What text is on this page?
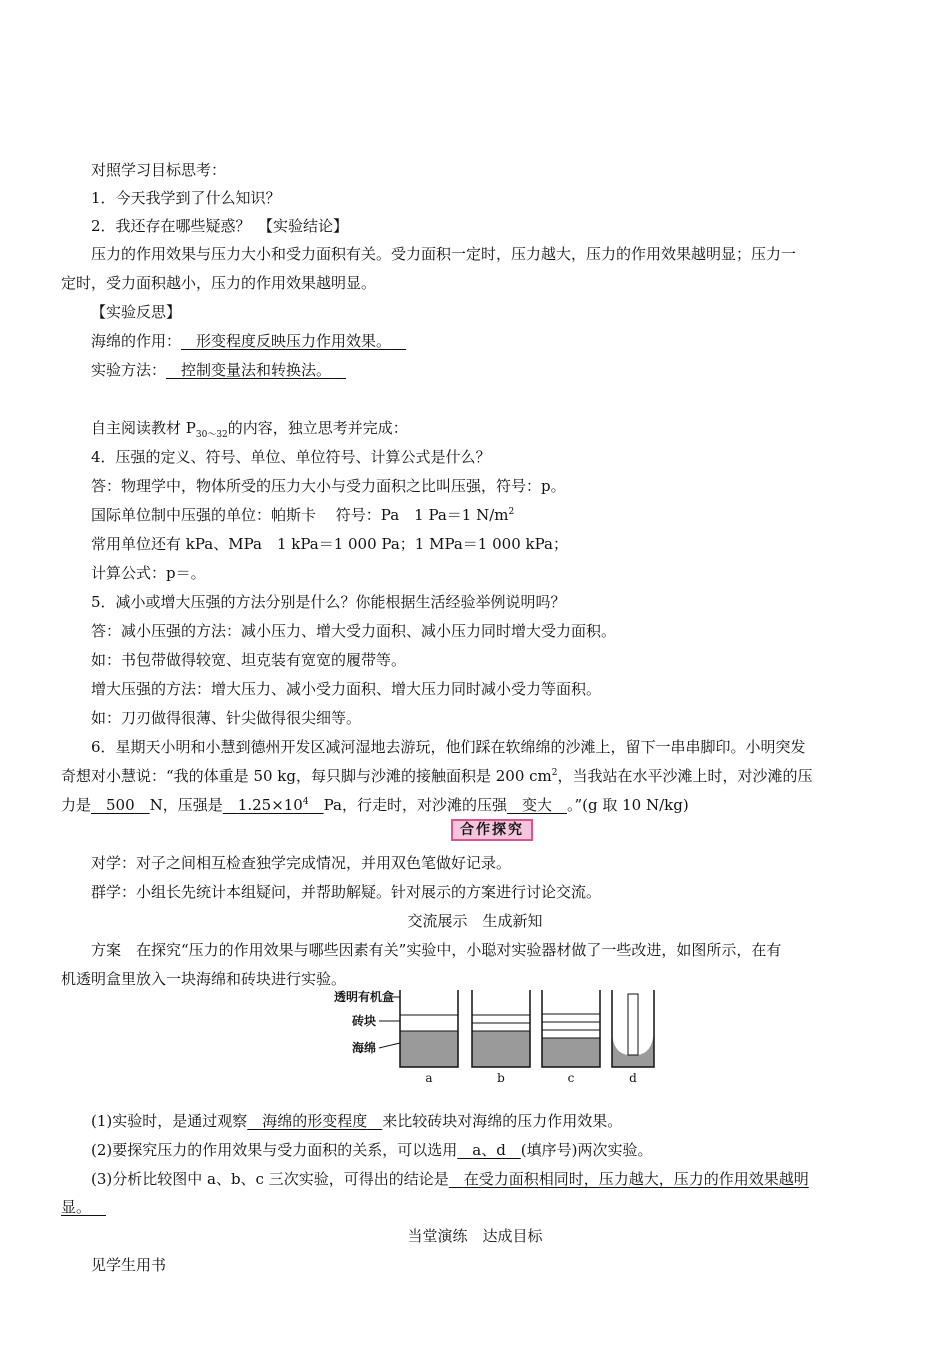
对照学习目标思考：
1．今天我学到了什么知识？
2．我还存在哪些疑惑？　【实验结论】
压力的作用效果与压力大小和受力面积有关。受力面积一定时，压力越大，压力的作用效果越明显；压力一
定时，受力面积越小，压力的作用效果越明显。
【实验反思】
海绵的作用：  形变程度反映压力作用效果。 
实验方法：  控制变量法和转换法。 
自主阅读教材 $P_{30\sim 32}$的内容，独立思考并完成：
4．压强的定义、符号、单位、单位符号、计算公式是什么？
答：物理学中，物体所受的压力大小与受力面积之比叫压强，符号：p。
国际单位制中压强的单位：帕斯卡　 符号：Pa　1 Pa＝1 $N/m^2$
常用单位还有 kPa、MPa　1 kPa＝1 000 Pa；1 MPa＝1 000 kPa；
计算公式：p＝。
5．减小或增大压强的方法分别是什么？你能根据生活经验举例说明吗？
答：减小压强的方法：减小压力、增大受力面积、减小压力同时增大受力面积。
如：书包带做得较宽、坦克装有宽宽的履带等。
增大压强的方法：增大压力、减小受力面积、增大压力同时减小受力等面积。
如：刀刃做得很薄、针尖做得很尖细等。
6．星期天小明和小慧到德州开发区减河湿地去游玩，他们踩在软绵绵的沙滩上，留下一串串脚印。小明突发
奇想对小慧说：“我的体重是 50 kg，每只脚与沙滩的接触面积是 200 $cm^2$，当我站在水平沙滩上时，对沙滩的压
力是  500  N，压强是  $1.25\times 10^4$  Pa，行走时，对沙滩的压强  变大  。”(g 取 10 N/kg)
合作探究
对学：对子之间相互检查独学完成情况，并用双色笔做好记录。
群学：小组长先统计本组疑问，并帮助解疑。针对展示的方案进行讨论交流。
交流展示　生成新知
方案　在探究“压力的作用效果与哪些因素有关”实验中，小聪对实验器材做了一些改进，如图所示，在有
机透明盒里放入一块海绵和砖块进行实验。
透明有机盒
砖块
海绵
a	b	c	d
(1)实验时，是通过观察  海绵的形变程度  来比较砖块对海绵的压力作用效果。
(2)要探究压力的作用效果与受力面积的关系，可以选用  a、d  (填序号)两次实验。
(3)分析比较图中 a、b、c 三次实验，可得出的结论是  在受力面积相同时，压力越大，压力的作用效果越明
显。 
当堂演练　达成目标
见学生用书
